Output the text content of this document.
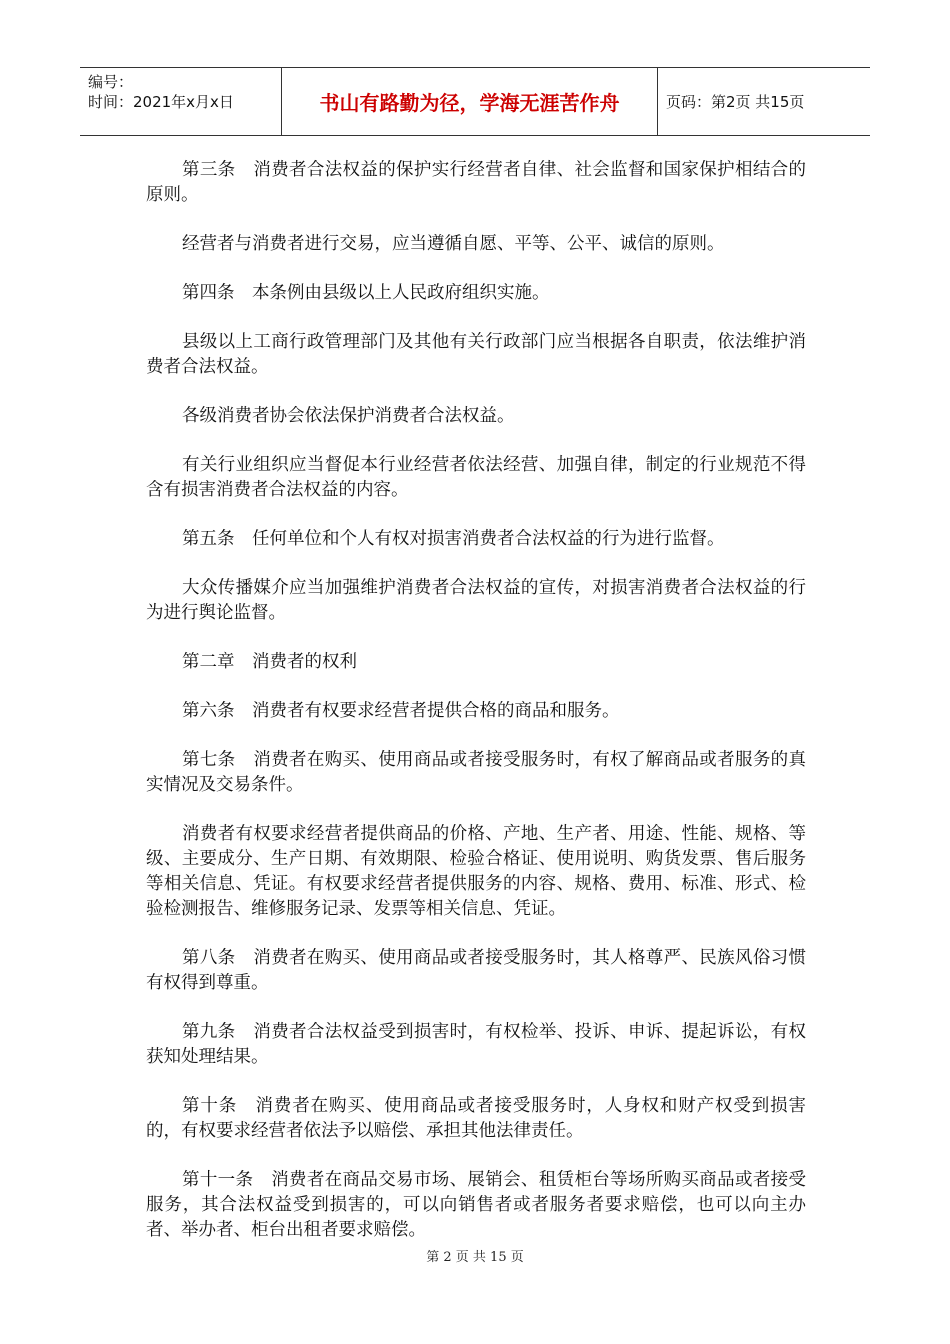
编号：
时间：2021年x月x日	书山有路勤为径，学海无涯苦作舟	页码：第2页 共15页

第三条　消费者合法权益的保护实行经营者自律、社会监督和国家保护相结合的原则。

经营者与消费者进行交易，应当遵循自愿、平等、公平、诚信的原则。

第四条　本条例由县级以上人民政府组织实施。

县级以上工商行政管理部门及其他有关行政部门应当根据各自职责，依法维护消费者合法权益。

各级消费者协会依法保护消费者合法权益。

有关行业组织应当督促本行业经营者依法经营、加强自律，制定的行业规范不得含有损害消费者合法权益的内容。

第五条　任何单位和个人有权对损害消费者合法权益的行为进行监督。

大众传播媒介应当加强维护消费者合法权益的宣传，对损害消费者合法权益的行为进行舆论监督。

第二章　消费者的权利

第六条　消费者有权要求经营者提供合格的商品和服务。

第七条　消费者在购买、使用商品或者接受服务时，有权了解商品或者服务的真实情况及交易条件。

消费者有权要求经营者提供商品的价格、产地、生产者、用途、性能、规格、等级、主要成分、生产日期、有效期限、检验合格证、使用说明、购货发票、售后服务等相关信息、凭证。有权要求经营者提供服务的内容、规格、费用、标准、形式、检验检测报告、维修服务记录、发票等相关信息、凭证。

第八条　消费者在购买、使用商品或者接受服务时，其人格尊严、民族风俗习惯有权得到尊重。

第九条　消费者合法权益受到损害时，有权检举、投诉、申诉、提起诉讼，有权获知处理结果。

第十条　消费者在购买、使用商品或者接受服务时，人身权和财产权受到损害的，有权要求经营者依法予以赔偿、承担其他法律责任。

第十一条　消费者在商品交易市场、展销会、租赁柜台等场所购买商品或者接受服务，其合法权益受到损害的，可以向销售者或者服务者要求赔偿，也可以向主办者、举办者、柜台出租者要求赔偿。

第 2 页 共 15 页
